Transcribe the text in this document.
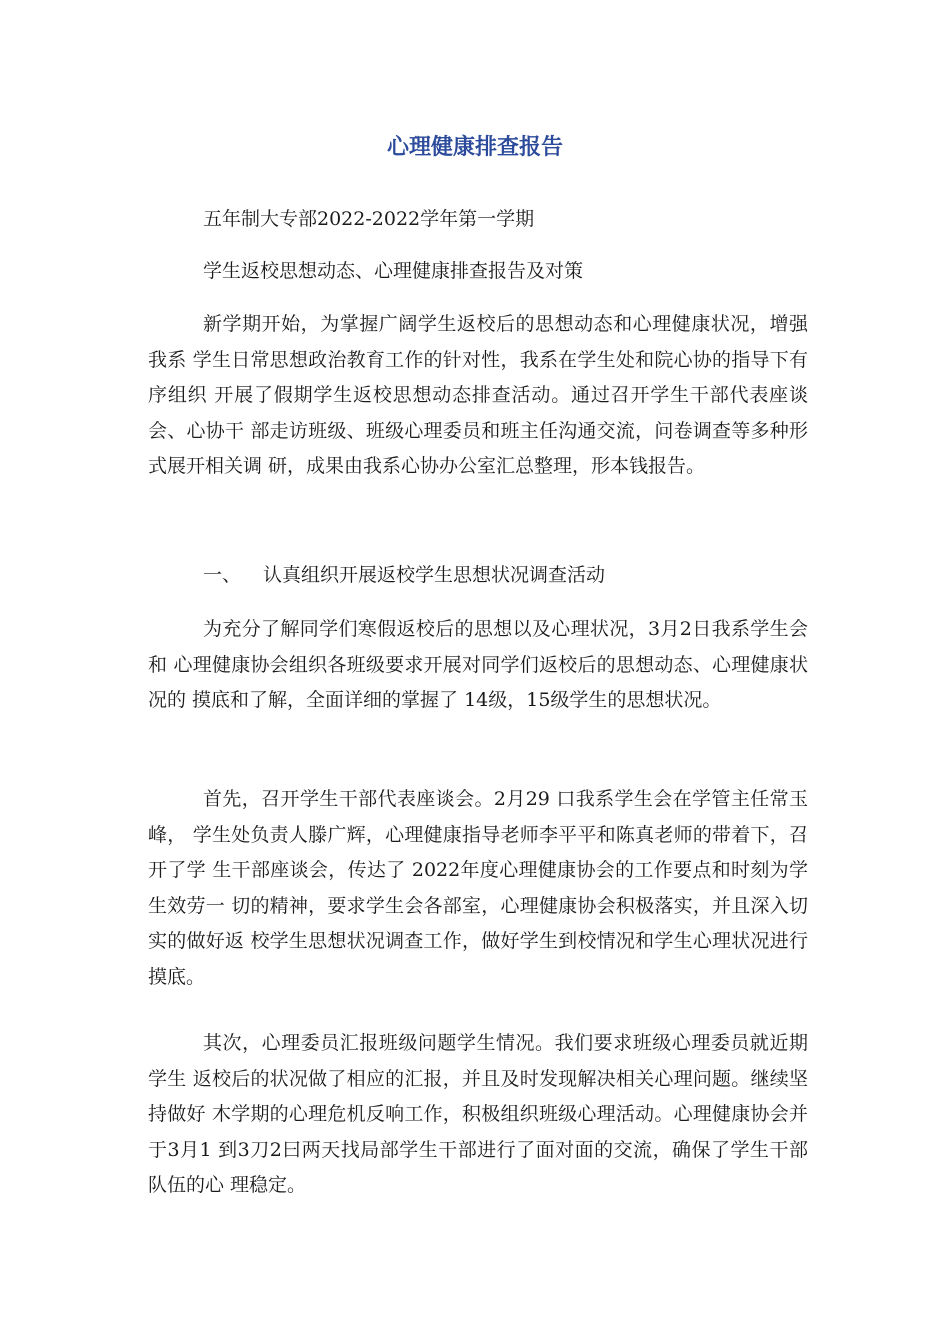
心理健康排查报告

五年制大专部2022-2022学年第一学期

学生返校思想动态、心理健康排查报告及对策

新学期开始，为掌握广阔学生返校后的思想动态和心理健康状况，增强我系 学生日常思想政治教育工作的针对性，我系在学生处和院心协的指导下有序组织 开展了假期学生返校思想动态排查活动。通过召开学生干部代表座谈会、心协干 部走访班级、班级心理委员和班主任沟通交流，问卷调查等多种形式展开相关调 研，成果由我系心协办公室汇总整理，形本钱报告。

一、 认真组织开展返校学生思想状况调查活动

为充分了解同学们寒假返校后的思想以及心理状况，3月2日我系学生会和 心理健康协会组织各班级要求开展对同学们返校后的思想动态、心理健康状况的 摸底和了解，全面详细的掌握了 14级，15级学生的思想状况。

首先，召开学生干部代表座谈会。2月29 口我系学生会在学管主任常玉峰， 学生处负责人滕广辉，心理健康指导老师李平平和陈真老师的带着下，召开了学 生干部座谈会，传达了 2022年度心理健康协会的工作要点和时刻为学生效劳一 切的精神，要求学生会各部室，心理健康协会积极落实，并且深入切实的做好返 校学生思想状况调查工作，做好学生到校情况和学生心理状况进行摸底。

其次，心理委员汇报班级问题学生情况。我们要求班级心理委员就近期学生 返校后的状况做了相应的汇报，并且及时发现解决相关心理问题。继续坚持做好 木学期的心理危机反响工作，积极组织班级心理活动。心理健康协会并于3月1 到3刀2曰两天找局部学生干部进行了面对面的交流，确保了学生干部队伍的心 理稳定。
